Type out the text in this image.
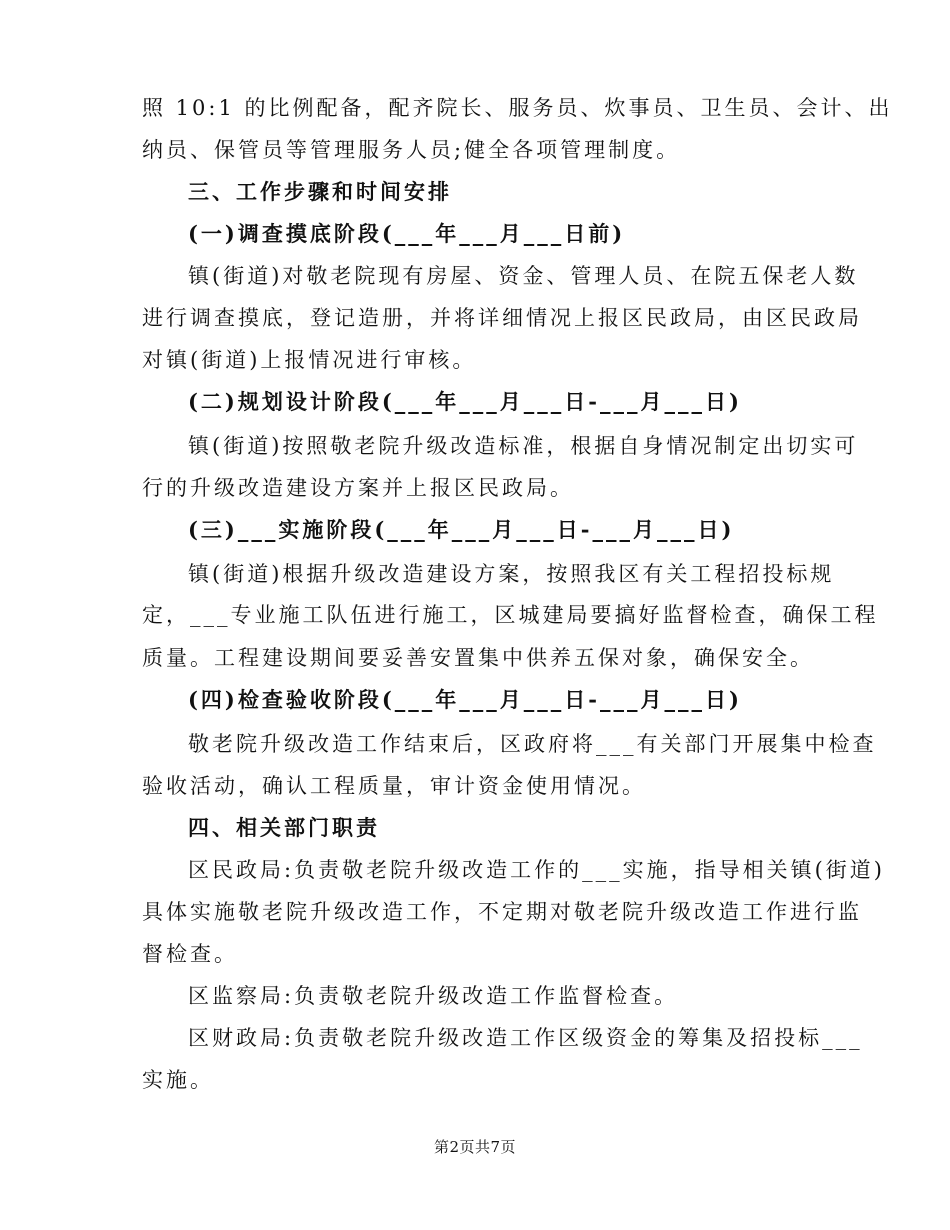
照 10:1 的比例配备，配齐院长、服务员、炊事员、卫生员、会计、出
纳员、保管员等管理服务人员;健全各项管理制度。
三、工作步骤和时间安排
(一)调查摸底阶段(___年___月___日前)
镇(街道)对敬老院现有房屋、资金、管理人员、在院五保老人数
进行调查摸底，登记造册，并将详细情况上报区民政局，由区民政局
对镇(街道)上报情况进行审核。
(二)规划设计阶段(___年___月___日-___月___日)
镇(街道)按照敬老院升级改造标准，根据自身情况制定出切实可
行的升级改造建设方案并上报区民政局。
(三)___实施阶段(___年___月___日-___月___日)
镇(街道)根据升级改造建设方案，按照我区有关工程招投标规
定，___专业施工队伍进行施工，区城建局要搞好监督检查，确保工程
质量。工程建设期间要妥善安置集中供养五保对象，确保安全。
(四)检查验收阶段(___年___月___日-___月___日)
敬老院升级改造工作结束后，区政府将___有关部门开展集中检查
验收活动，确认工程质量，审计资金使用情况。
四、相关部门职责
区民政局:负责敬老院升级改造工作的___实施，指导相关镇(街道)
具体实施敬老院升级改造工作，不定期对敬老院升级改造工作进行监
督检查。
区监察局:负责敬老院升级改造工作监督检查。
区财政局:负责敬老院升级改造工作区级资金的筹集及招投标___
实施。
第2页共7页
